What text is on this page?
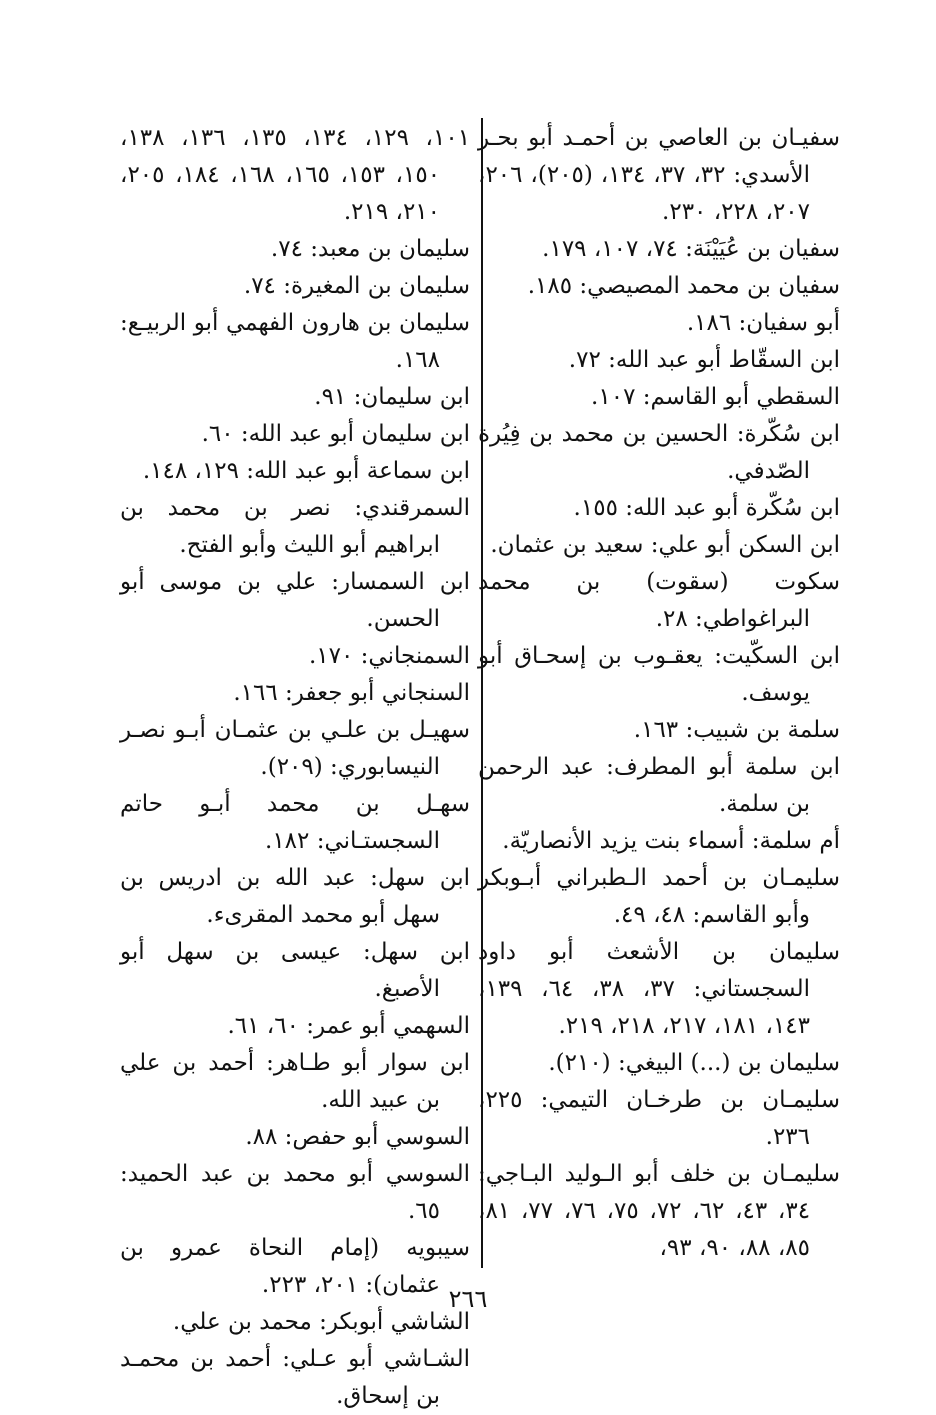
سفيـان بن العاصي بن أحمـد أبو بحـر الأسدي: ٣٢، ٣٧، ١٣٤، (٢٠٥)، ٢٠٦، ٢٠٧، ٢٢٨، ٢٣٠.

سفيان بن عُيَيْنَة: ٧٤، ١٠٧، ١٧٩.

سفيان بن محمد المصيصي: ١٨٥.

أبو سفيان: ١٨٦.

ابن السقّاط أبو عبد الله: ٧٢.

السقطي أبو القاسم: ١٠٧.

ابن سُكّرة: الحسين بن محمد بن فِيُرة الصّدفي.

ابن سُكّرة أبو عبد الله: ١٥٥.

ابن السكن أبو علي: سعيد بن عثمان.

سكوت (سقوت) بن محمد البراغواطي: ٢٨.

ابن السكّيت: يعقـوب بن إسحـاق أبو يوسف.

سلمة بن شبيب: ١٦٣.

ابن سلمة أبو المطرف: عبد الرحمن بن سلمة.

أم سلمة: أسماء بنت يزيد الأنصاريّة.

سليمـان بن أحمد الـطبراني أبـوبكر وأبو القاسم: ٤٨، ٤٩.

سليمان بن الأشعث أبو داود السجستاني: ٣٧، ٣٨، ٦٤، ١٣٩، ١٤٣، ١٨١، ٢١٧، ٢١٨، ٢١٩.

سليمان بن (...) البيغي: (٢١٠).

سليمـان بن طرخـان التيمي: ٢٢٥، ٢٣٦.

سليمـان بن خلف أبو الـوليد البـاجي: ٣٤، ٤٣، ٦٢، ٧٢، ٧٥، ٧٦، ٧٧، ٨١، ٨٥، ٨٨، ٩٠، ٩٣،

١٠١، ١٢٩، ١٣٤، ١٣٥، ١٣٦، ١٣٨، ١٥٠، ١٥٣، ١٦٥، ١٦٨، ١٨٤، ٢٠٥، ٢١٠، ٢١٩.

سليمان بن معبد: ٧٤.

سليمان بن المغيرة: ٧٤.

سليمان بن هارون الفهمي أبو الربيـع: ١٦٨.

ابن سليمان: ٩١.

ابن سليمان أبو عبد الله: ٦٠.

ابن سماعة أبو عبد الله: ١٢٩، ١٤٨.

السمرقندي: نصر بن محمد بن ابراهيم أبو الليث وأبو الفتح.

ابن السمسار: علي بن موسى أبو الحسن.

السمنجاني: ١٧٠.

السنجاني أبو جعفر: ١٦٦.

سهيـل بن علـي بن عثمـان أبـو نصـر النيسابوري: (٢٠٩).

سهـل بن محمد أبـو حاتم السجستـاني: ١٨٢.

ابن سهل: عبد الله بن ادريس بن سهل أبو محمد المقرىء.

ابن سهل: عيسى بن سهل أبو الأصبغ.

السهمي أبو عمر: ٦٠، ٦١.

ابن سوار أبو طـاهر: أحمد بن علي بن عبيد الله.

السوسي أبو حفص: ٨٨.

السوسي أبو محمد بن عبد الحميد: ٦٥.

سيبويه (إمام النحاة عمرو بن عثمان): ٢٠١، ٢٢٣.

الشاشي أبوبكر: محمد بن علي.

الشـاشي أبو عـلي: أحمد بن محمـد بن إسحاق.

٢٦٦
